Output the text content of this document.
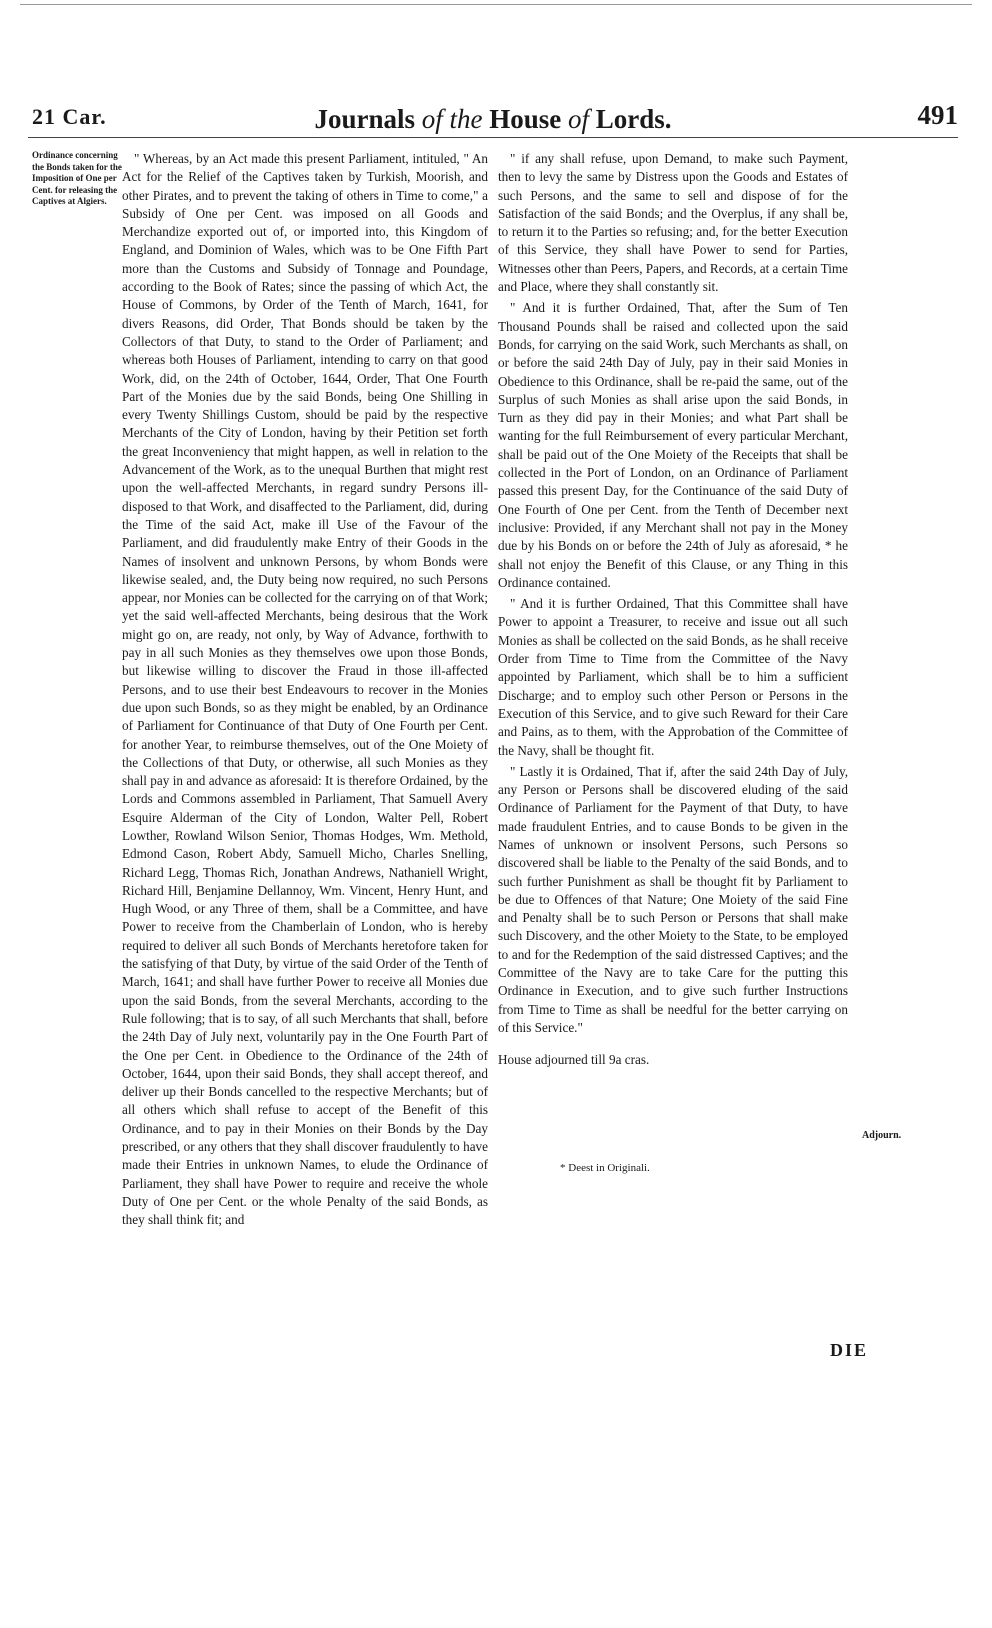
21 Car.	Journals of the House of Lords.	491
Ordinance concerning the Bonds taken for the Imposition of One per Cent. for releasing the Captives at Algiers.

" Whereas, by an Act made this present Parliament, intituled, " An Act for the Relief of the Captives taken by Turkish, Moorish, and other Pirates, and to prevent the taking of others in Time to come," a Subsidy of One per Cent. was imposed on all Goods and Merchandize exported out of, or imported into, this Kingdom of England, and Dominion of Wales, which was to be One Fifth Part more than the Customs and Subsidy of Tonnage and Poundage, according to the Book of Rates; since the passing of which Act, the House of Commons, by Order of the Tenth of March, 1641, for divers Reasons, did Order, That Bonds should be taken by the Collectors of that Duty, to stand to the Order of Parliament; and whereas both Houses of Parliament, intending to carry on that good Work, did, on the 24th of October, 1644, Order, That One Fourth Part of the Monies due by the said Bonds, being One Shilling in every Twenty Shillings Custom, should be paid by the respective Merchants of the City of London, having by their Petition set forth the great Inconveniency that might happen, as well in relation to the Advancement of the Work, as to the unequal Burthen that might rest upon the well-affected Merchants, in regard sundry Persons ill-disposed to that Work, and disaffected to the Parliament, did, during the Time of the said Act, make ill Use of the Favour of the Parliament, and did fraudulently make Entry of their Goods in the Names of insolvent and unknown Persons, by whom Bonds were likewise sealed, and, the Duty being now required, no such Persons appear, nor Monies can be collected for the carrying on of that Work; yet the said well-affected Merchants, being desirous that the Work might go on, are ready, not only, by Way of Advance, forthwith to pay in all such Monies as they themselves owe upon those Bonds, but likewise willing to discover the Fraud in those ill-affected Persons, and to use their best Endeavours to recover in the Monies due upon such Bonds, so as they might be enabled, by an Ordinance of Parliament for Continuance of that Duty of One Fourth per Cent. for another Year, to reimburse themselves, out of the One Moiety of the Collections of that Duty, or otherwise, all such Monies as they shall pay in and advance as aforesaid: It is therefore Ordained, by the Lords and Commons assembled in Parliament, That Samuell Avery Esquire Alderman of the City of London, Walter Pell, Robert Lowther, Rowland Wilson Senior, Thomas Hodges, Wm. Methold, Edmond Cason, Robert Abdy, Samuell Micho, Charles Snelling, Richard Legg, Thomas Rich, Jonathan Andrews, Nathaniell Wright, Richard Hill, Benjamine Dellannoy, Wm. Vincent, Henry Hunt, and Hugh Wood, or any Three of them, shall be a Committee, and have Power to receive from the Chamberlain of London, who is hereby required to deliver all such Bonds of Merchants heretofore taken for the satisfying of that Duty, by virtue of the said Order of the Tenth of March, 1641; and shall have further Power to receive all Monies due upon the said Bonds, from the several Merchants, according to the Rule following; that is to say, of all such Merchants that shall, before the 24th Day of July next, voluntarily pay in the One Fourth Part of the One per Cent. in Obedience to the Ordinance of the 24th of October, 1644, upon their said Bonds, they shall accept thereof, and deliver up their Bonds cancelled to the respective Merchants; but of all others which shall refuse to accept of the Benefit of this Ordinance, and to pay in their Monies on their Bonds by the Day prescribed, or any others that they shall discover fraudulently to have made their Entries in unknown Names, to elude the Ordinance of Parliament, they shall have Power to require and receive the whole Duty of One per Cent. or the whole Penalty of the said Bonds, as they shall think fit; and

" if any shall refuse, upon Demand, to make such Payment, then to levy the same by Distress upon the Goods and Estates of such Persons, and the same to sell and dispose of for the Satisfaction of the said Bonds; and the Overplus, if any shall be, to return it to the Parties so refusing; and, for the better Execution of this Service, they shall have Power to send for Parties, Witnesses other than Peers, Papers, and Records, at a certain Time and Place, where they shall constantly sit.

" And it is further Ordained, That, after the Sum of Ten Thousand Pounds shall be raised and collected upon the said Bonds, for carrying on the said Work, such Merchants as shall, on or before the said 24th Day of July, pay in their said Monies in Obedience to this Ordinance, shall be re-paid the same, out of the Surplus of such Monies as shall arise upon the said Bonds, in Turn as they did pay in their Monies; and what Part shall be wanting for the full Reimbursement of every particular Merchant, shall be paid out of the One Moiety of the Receipts that shall be collected in the Port of London, on an Ordinance of Parliament passed this present Day, for the Continuance of the said Duty of One Fourth of One per Cent. from the Tenth of December next inclusive: Provided, if any Merchant shall not pay in the Money due by his Bonds on or before the 24th of July as aforesaid, * he shall not enjoy the Benefit of this Clause, or any Thing in this Ordinance contained.

" And it is further Ordained, That this Committee shall have Power to appoint a Treasurer, to receive and issue out all such Monies as shall be collected on the said Bonds, as he shall receive Order from Time to Time from the Committee of the Navy appointed by Parliament, which shall be to him a sufficient Discharge; and to employ such other Person or Persons in the Execution of this Service, and to give such Reward for their Care and Pains, as to them, with the Approbation of the Committee of the Navy, shall be thought fit.

" Lastly it is Ordained, That if, after the said 24th Day of July, any Person or Persons shall be discovered eluding of the said Ordinance of Parliament for the Payment of that Duty, to have made fraudulent Entries, and to cause Bonds to be given in the Names of unknown or insolvent Persons, such Persons so discovered shall be liable to the Penalty of the said Bonds, and to such further Punishment as shall be thought fit by Parliament to be due to Offences of that Nature; One Moiety of the said Fine and Penalty shall be to such Person or Persons that shall make such Discovery, and the other Moiety to the State, to be employed to and for the Redemption of the said distressed Captives; and the Committee of the Navy are to take Care for the putting this Ordinance in Execution, and to give such further Instructions from Time to Time as shall be needful for the better carrying on of this Service."

House adjourned till 9a cras.

Adjourn.
* Deest in Originali.
DIE
